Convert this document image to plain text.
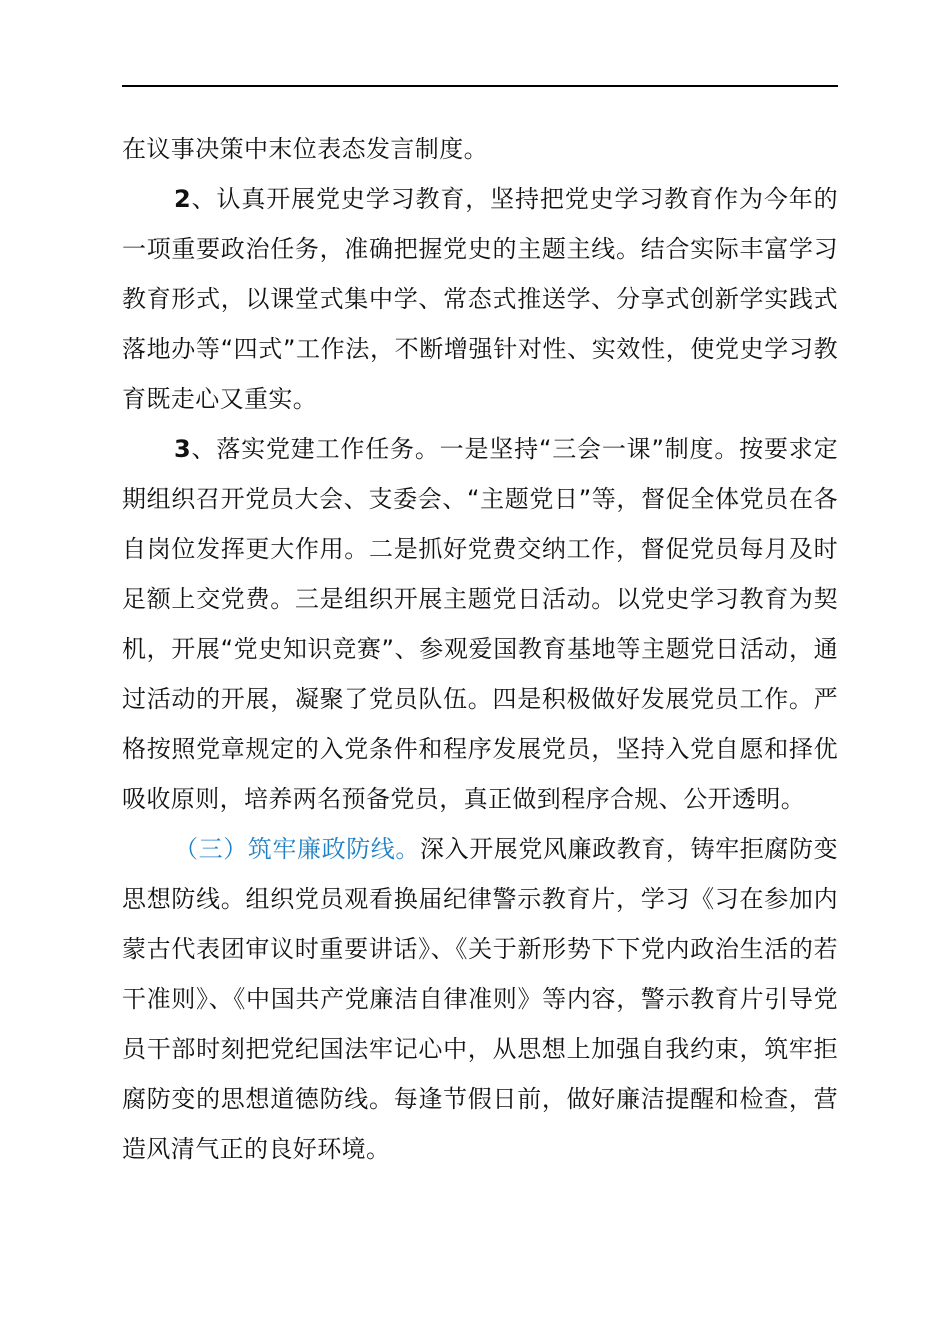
在议事决策中末位表态发言制度。

2、认真开展党史学习教育，坚持把党史学习教育作为今年的一项重要政治任务，准确把握党史的主题主线。结合实际丰富学习教育形式，以课堂式集中学、常态式推送学、分享式创新学实践式落地办等“四式”工作法，不断增强针对性、实效性，使党史学习教育既走心又重实。

3、落实党建工作任务。一是坚持“三会一课”制度。按要求定期组织召开党员大会、支委会、“主题党日”等，督促全体党员在各自岗位发挥更大作用。二是抓好党费交纳工作，督促党员每月及时足额上交党费。三是组织开展主题党日活动。以党史学习教育为契机，开展“党史知识竞赛”、参观爱国教育基地等主题党日活动，通过活动的开展，凝聚了党员队伍。四是积极做好发展党员工作。严格按照党章规定的入党条件和程序发展党员，坚持入党自愿和择优吸收原则，培养两名预备党员，真正做到程序合规、公开透明。

（三）筑牢廉政防线。深入开展党风廉政教育，铸牢拒腐防变思想防线。组织党员观看换届纪律警示教育片，学习《习在参加内蒙古代表团审议时重要讲话》、《关于新形势下下党内政治生活的若干准则》、《中国共产党廉洁自律准则》等内容，警示教育片引导党员干部时刻把党纪国法牢记心中，从思想上加强自我约束，筑牢拒腐防变的思想道德防线。每逢节假日前，做好廉洁提醒和检查，营造风清气正的良好环境。
